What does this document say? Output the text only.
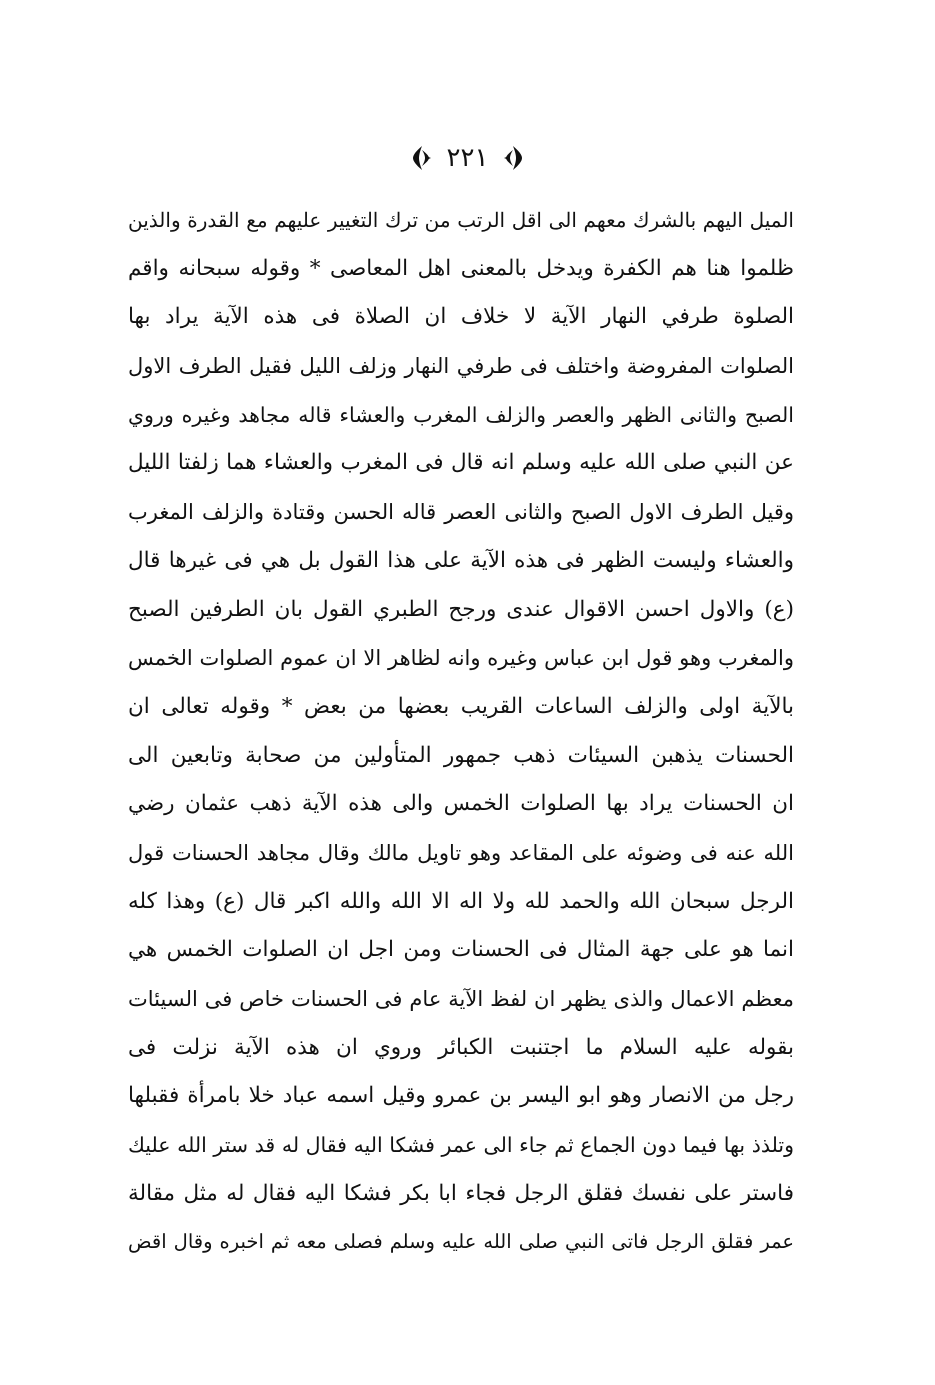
٢٢١
الميل اليهم بالشرك معهم الى اقل الرتب من ترك التغيير عليهم مع القدرة والذين
ظلموا هنا هم الكفرة ويدخل بالمعنى اهل المعاصى * وقوله سبحانه واقم
الصلوة طرفي النهار الآية لا خلاف ان الصلاة فى هذه الآية يراد بها
الصلوات المفروضة واختلف فى طرفي النهار وزلف الليل فقيل الطرف الاول
الصبح والثانى الظهر والعصر والزلف المغرب والعشاء قاله مجاهد وغيره وروي
عن النبي صلى الله عليه وسلم انه قال فى المغرب والعشاء هما زلفتا الليل
وقيل الطرف الاول الصبح والثانى العصر قاله الحسن وقتادة والزلف المغرب
والعشاء وليست الظهر فى هذه الآية على هذا القول بل هي فى غيرها قال
(ع) والاول احسن الاقوال عندى ورجح الطبري القول بان الطرفين الصبح
والمغرب وهو قول ابن عباس وغيره وانه لظاهر الا ان عموم الصلوات الخمس
بالآية اولى والزلف الساعات القريب بعضها من بعض * وقوله تعالى ان
الحسنات يذهبن السيئات ذهب جمهور المتأولين من صحابة وتابعين الى
ان الحسنات يراد بها الصلوات الخمس والى هذه الآية ذهب عثمان رضي
الله عنه فى وضوئه على المقاعد وهو تاويل مالك وقال مجاهد الحسنات قول
الرجل سبحان الله والحمد لله ولا اله الا الله والله اكبر قال (ع) وهذا كله
انما هو على جهة المثال فى الحسنات ومن اجل ان الصلوات الخمس هي
معظم الاعمال والذى يظهر ان لفظ الآية عام فى الحسنات خاص فى السيئات
بقوله عليه السلام ما اجتنبت الكبائر وروي ان هذه الآية نزلت فى
رجل من الانصار وهو ابو اليسر بن عمرو وقيل اسمه عباد خلا بامرأة فقبلها
وتلذذ بها فيما دون الجماع ثم جاء الى عمر فشكا اليه فقال له قد ستر الله عليك
فاستر على نفسك فقلق الرجل فجاء ابا بكر فشكا اليه فقال له مثل مقالة
عمر فقلق الرجل فاتى النبي صلى الله عليه وسلم فصلى معه ثم اخبره وقال اقض
